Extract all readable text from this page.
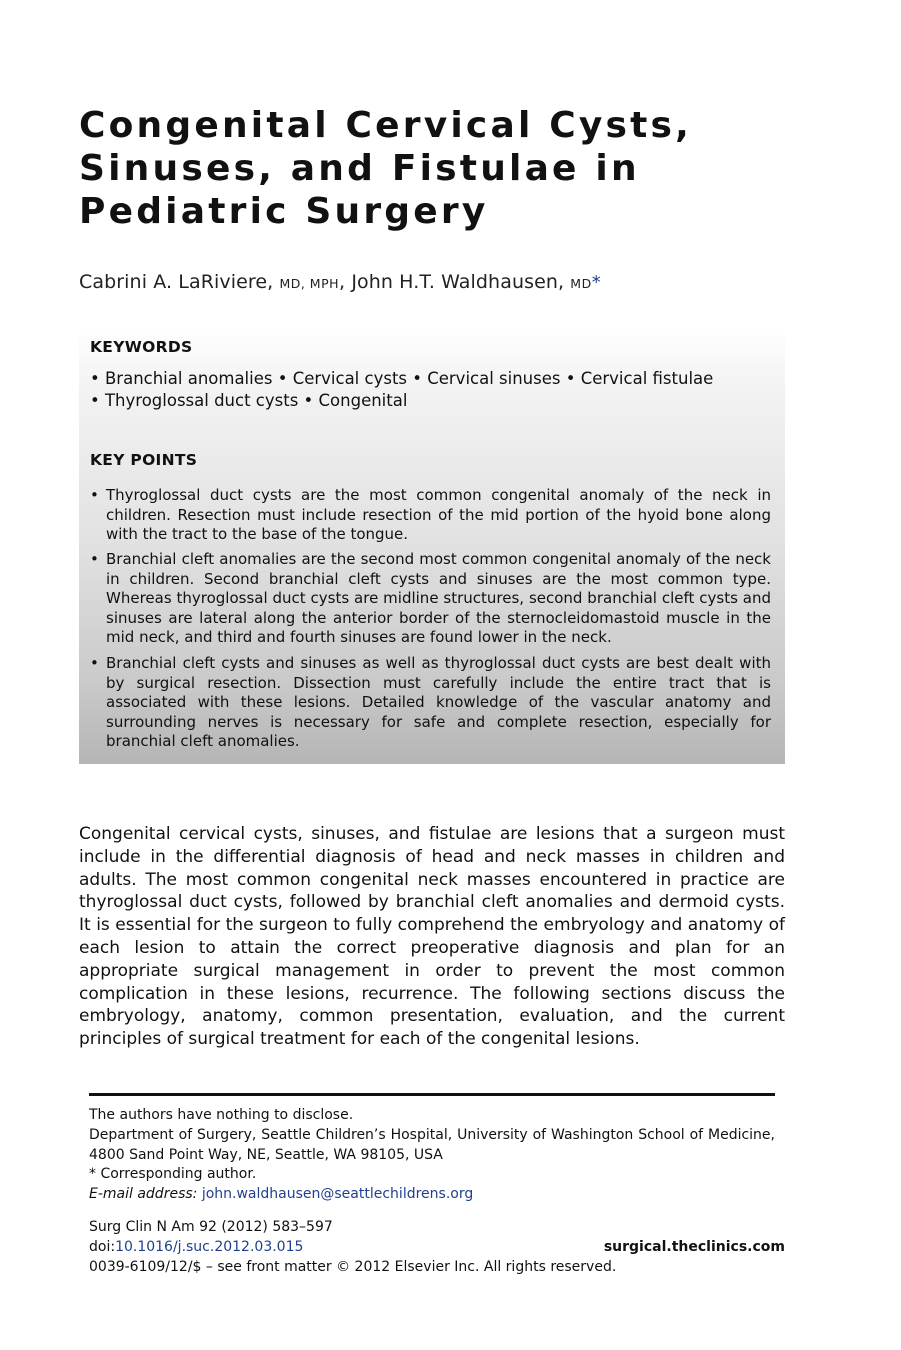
Congenital Cervical Cysts,
Sinuses, and Fistulae in
Pediatric Surgery
Cabrini A. LaRiviere, MD, MPH, John H.T. Waldhausen, MD*
KEYWORDS
• Branchial anomalies • Cervical cysts • Cervical sinuses • Cervical fistulae
• Thyroglossal duct cysts • Congenital
KEY POINTS
• Thyroglossal duct cysts are the most common congenital anomaly of the neck in children. Resection must include resection of the mid portion of the hyoid bone along with the tract to the base of the tongue.
• Branchial cleft anomalies are the second most common congenital anomaly of the neck in children. Second branchial cleft cysts and sinuses are the most common type. Whereas thyroglossal duct cysts are midline structures, second branchial cleft cysts and sinuses are lateral along the anterior border of the sternocleidomastoid muscle in the mid neck, and third and fourth sinuses are found lower in the neck.
• Branchial cleft cysts and sinuses as well as thyroglossal duct cysts are best dealt with by surgical resection. Dissection must carefully include the entire tract that is associated with these lesions. Detailed knowledge of the vascular anatomy and surrounding nerves is necessary for safe and complete resection, especially for branchial cleft anomalies.

Congenital cervical cysts, sinuses, and fistulae are lesions that a surgeon must include in the differential diagnosis of head and neck masses in children and adults. The most common congenital neck masses encountered in practice are thyroglossal duct cysts, followed by branchial cleft anomalies and dermoid cysts. It is essential for the surgeon to fully comprehend the embryology and anatomy of each lesion to attain the correct preoperative diagnosis and plan for an appropriate surgical management in order to prevent the most common complication in these lesions, recurrence. The following sections discuss the embryology, anatomy, common presentation, evaluation, and the current principles of surgical treatment for each of the congenital lesions.

The authors have nothing to disclose.
Department of Surgery, Seattle Children’s Hospital, University of Washington School of Medicine, 4800 Sand Point Way, NE, Seattle, WA 98105, USA
* Corresponding author.
E-mail address: john.waldhausen@seattlechildrens.org
Surg Clin N Am 92 (2012) 583–597
doi:10.1016/j.suc.2012.03.015	surgical.theclinics.com
0039-6109/12/$ – see front matter © 2012 Elsevier Inc. All rights reserved.
